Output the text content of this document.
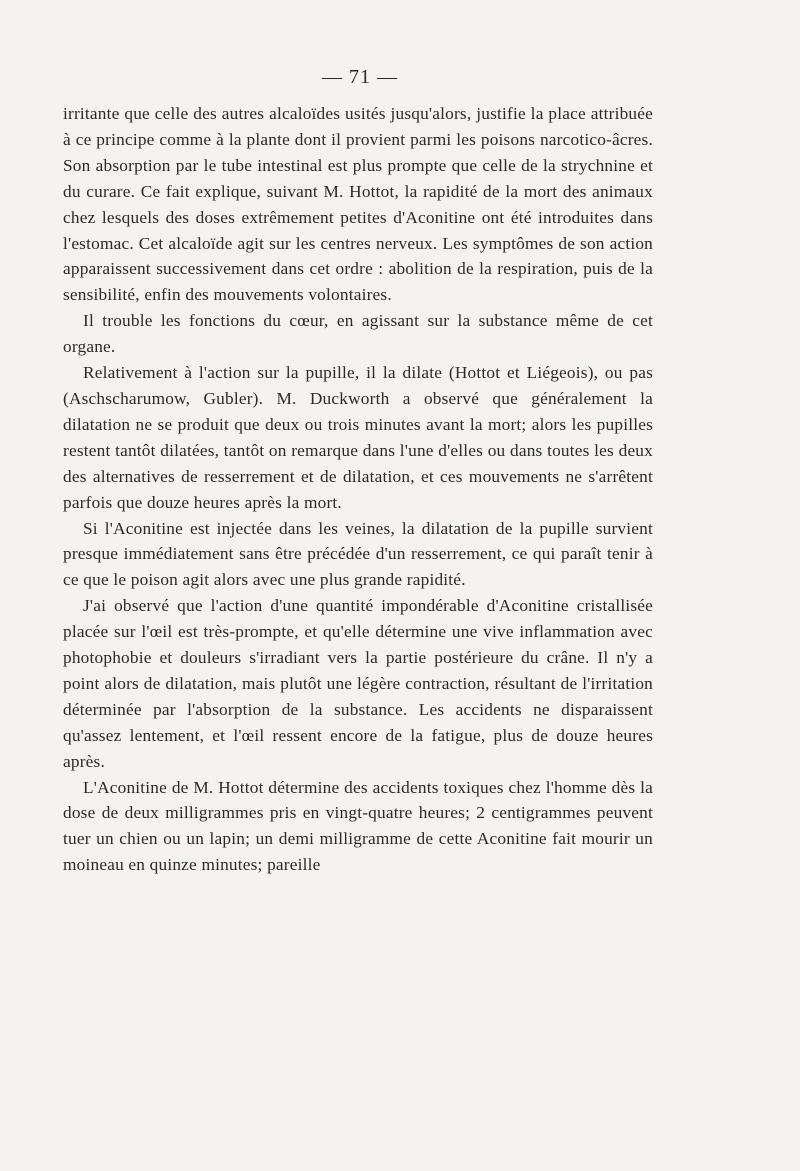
— 71 —

irritante que celle des autres alcaloïdes usités jusqu'alors, justifie la place attribuée à ce principe comme à la plante dont il provient parmi les poisons narcotico-âcres. Son absorption par le tube intestinal est plus prompte que celle de la strychnine et du curare. Ce fait explique, suivant M. Hottot, la rapidité de la mort des animaux chez lesquels des doses extrêmement petites d'Aconitine ont été introduites dans l'estomac. Cet alcaloïde agit sur les centres nerveux. Les symptômes de son action apparaissent successivement dans cet ordre : abolition de la respiration, puis de la sensibilité, enfin des mouvements volontaires.

Il trouble les fonctions du cœur, en agissant sur la substance même de cet organe.

Relativement à l'action sur la pupille, il la dilate (Hottot et Liégeois), ou pas (Aschscharumow, Gubler). M. Duckworth a observé que généralement la dilatation ne se produit que deux ou trois minutes avant la mort; alors les pupilles restent tantôt dilatées, tantôt on remarque dans l'une d'elles ou dans toutes les deux des alternatives de resserrement et de dilatation, et ces mouvements ne s'arrêtent parfois que douze heures après la mort.

Si l'Aconitine est injectée dans les veines, la dilatation de la pupille survient presque immédiatement sans être précédée d'un resserrement, ce qui paraît tenir à ce que le poison agit alors avec une plus grande rapidité.

J'ai observé que l'action d'une quantité impondérable d'Aconitine cristallisée placée sur l'œil est très-prompte, et qu'elle détermine une vive inflammation avec photophobie et douleurs s'irradiant vers la partie postérieure du crâne. Il n'y a point alors de dilatation, mais plutôt une légère contraction, résultant de l'irritation déterminée par l'absorption de la substance. Les accidents ne disparaissent qu'assez lentement, et l'œil ressent encore de la fatigue, plus de douze heures après.

L'Aconitine de M. Hottot détermine des accidents toxiques chez l'homme dès la dose de deux milligrammes pris en vingt-quatre heures; 2 centigrammes peuvent tuer un chien ou un lapin; un demi milligramme de cette Aconitine fait mourir un moineau en quinze minutes; pareille
